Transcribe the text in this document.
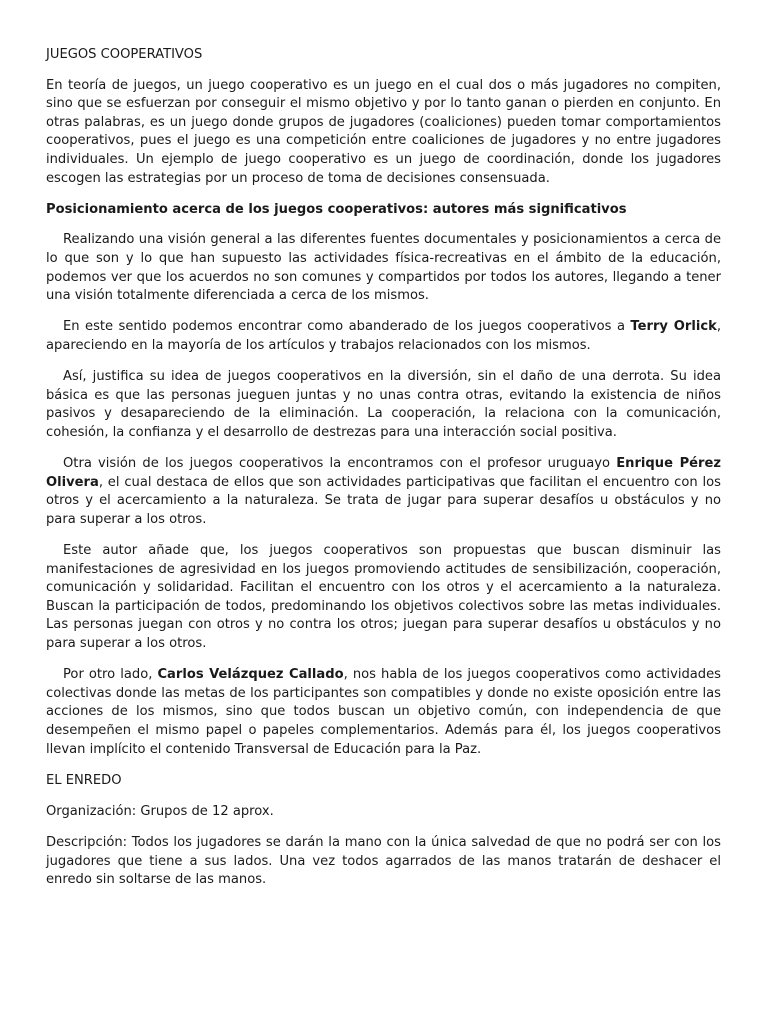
JUEGOS COOPERATIVOS

En teoría de juegos, un juego cooperativo es un juego en el cual dos o más jugadores no compiten, sino que se esfuerzan por conseguir el mismo objetivo y por lo tanto ganan o pierden en conjunto. En otras palabras, es un juego donde grupos de jugadores (coaliciones) pueden tomar comportamientos cooperativos, pues el juego es una competición entre coaliciones de jugadores y no entre jugadores individuales. Un ejemplo de juego cooperativo es un juego de coordinación, donde los jugadores escogen las estrategias por un proceso de toma de decisiones consensuada.

Posicionamiento acerca de los juegos cooperativos: autores más significativos

Realizando una visión general a las diferentes fuentes documentales y posicionamientos a cerca de lo que son y lo que han supuesto las actividades física-recreativas en el ámbito de la educación, podemos ver que los acuerdos no son comunes y compartidos por todos los autores, llegando a tener una visión totalmente diferenciada a cerca de los mismos.

En este sentido podemos encontrar como abanderado de los juegos cooperativos a Terry Orlick, apareciendo en la mayoría de los artículos y trabajos relacionados con los mismos.

Así, justifica su idea de juegos cooperativos en la diversión, sin el daño de una derrota. Su idea básica es que las personas jueguen juntas y no unas contra otras, evitando la existencia de niños pasivos y desapareciendo de la eliminación. La cooperación, la relaciona con la comunicación, cohesión, la confianza y el desarrollo de destrezas para una interacción social positiva.

Otra visión de los juegos cooperativos la encontramos con el profesor uruguayo Enrique Pérez Olivera, el cual destaca de ellos que son actividades participativas que facilitan el encuentro con los otros y el acercamiento a la naturaleza. Se trata de jugar para superar desafíos u obstáculos y no para superar a los otros.

Este autor añade que, los juegos cooperativos son propuestas que buscan disminuir las manifestaciones de agresividad en los juegos promoviendo actitudes de sensibilización, cooperación, comunicación y solidaridad. Facilitan el encuentro con los otros y el acercamiento a la naturaleza. Buscan la participación de todos, predominando los objetivos colectivos sobre las metas individuales. Las personas juegan con otros y no contra los otros; juegan para superar desafíos u obstáculos y no para superar a los otros.

Por otro lado, Carlos Velázquez Callado, nos habla de los juegos cooperativos como actividades colectivas donde las metas de los participantes son compatibles y donde no existe oposición entre las acciones de los mismos, sino que todos buscan un objetivo común, con independencia de que desempeñen el mismo papel o papeles complementarios. Además para él, los juegos cooperativos llevan implícito el contenido Transversal de Educación para la Paz.

EL ENREDO

Organización: Grupos de 12 aprox.

Descripción: Todos los jugadores se darán la mano con la única salvedad de que no podrá ser con los jugadores que tiene a sus lados. Una vez todos agarrados de las manos tratarán de deshacer el enredo sin soltarse de las manos.
